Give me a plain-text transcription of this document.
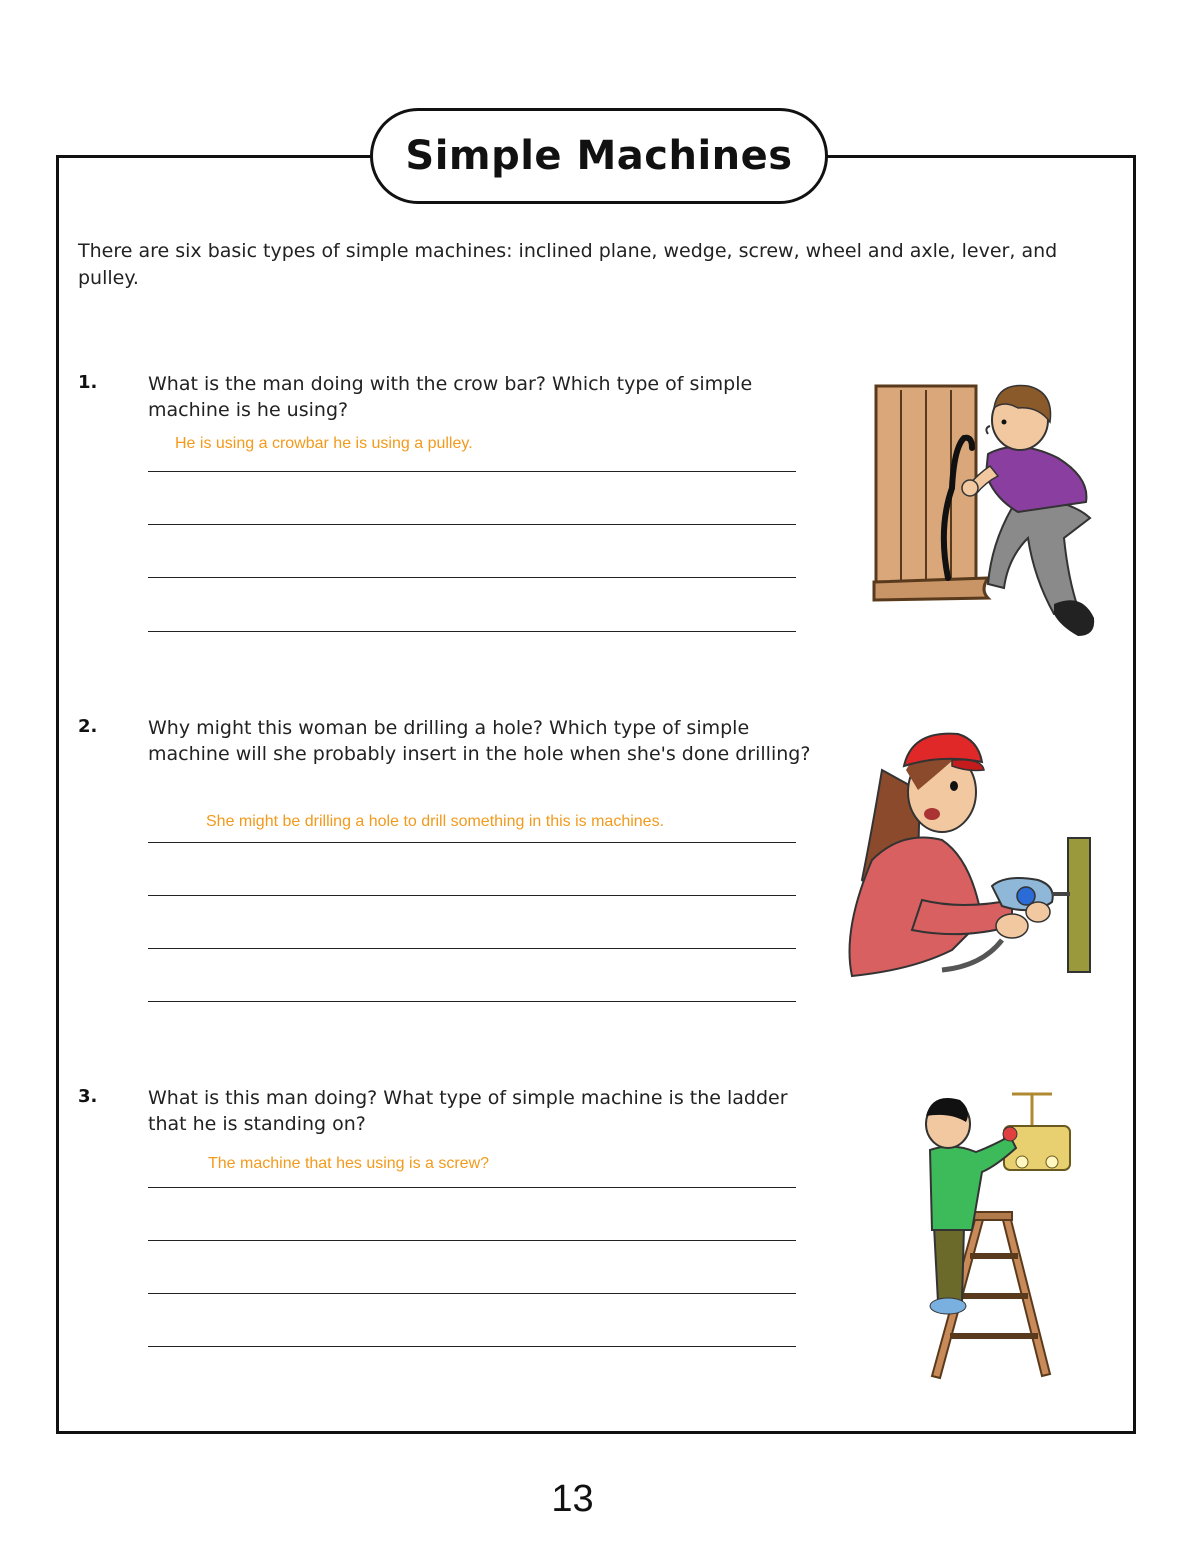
Simple Machines
There are six basic types of simple machines: inclined plane, wedge, screw, wheel and axle, lever, and pulley.
1.	What is the man doing with the crow bar? Which type of simple machine is he using?
He is using a crowbar he is using a pulley.
2.	Why might this woman be drilling a hole? Which type of simple machine will she probably insert in the hole when she's done drilling?
She might be drilling a hole to drill something in this is machines.
3.	What is this man doing? What type of simple machine is the ladder that he is standing on?
The machine that hes using is a screw?
13
